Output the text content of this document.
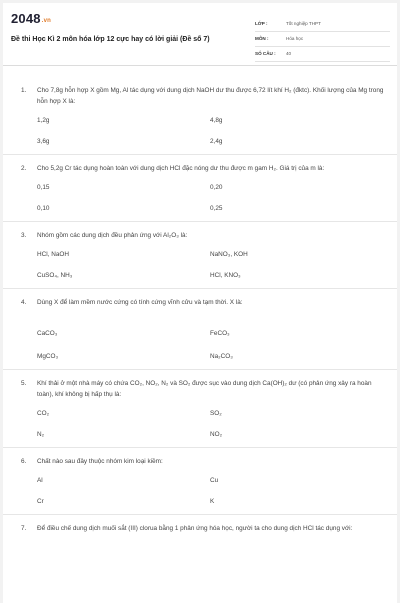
2048.vn
Đề thi Học Kì 2 môn hóa lớp 12 cực hay có lời giải (Đề số 7)
LỚP :	Tốt nghiệp THPT
MÔN :	Hóa học
SỐ CÂU : 40
1. Cho 7,8g hỗn hợp X gồm Mg, Al tác dụng với dung dịch NaOH dư thu được 6,72 lít khí H₂ (đktc). Khối lượng của Mg trong hỗn hợp X là:
1,2g	4,8g
3,6g	2,4g
2. Cho 5,2g Cr tác dụng hoàn toàn với dung dịch HCl đặc nóng dư thu được m gam H₂. Giá trị của m là:
0,15	0,20
0,10	0,25
3. Nhóm gồm các dung dịch đều phản ứng với Al₂O₃ là:
HCl, NaOH	NaNO₃, KOH
CuSO₄, NH₃	HCl, KNO₃
4. Dùng X để làm mềm nước cứng có tính cứng vĩnh cửu và tạm thời. X là:
CaCO₃	FeCO₃
MgCO₃	Na₂CO₃
5. Khí thải ở một nhà máy có chứa CO₂, NO₂, N₂ và SO₂ được sục vào dung dịch Ca(OH)₂ dư (có phản ứng xảy ra hoàn toàn), khí không bị hấp thụ là:
CO₂	SO₂
N₂	NO₂
6. Chất nào sau đây thuộc nhóm kim loại kiềm:
Al	Cu
Cr	K
7. Để điều chế dung dịch muối sắt (III) clorua bằng 1 phản ứng hóa học, người ta cho dung dịch HCl tác dụng với:
